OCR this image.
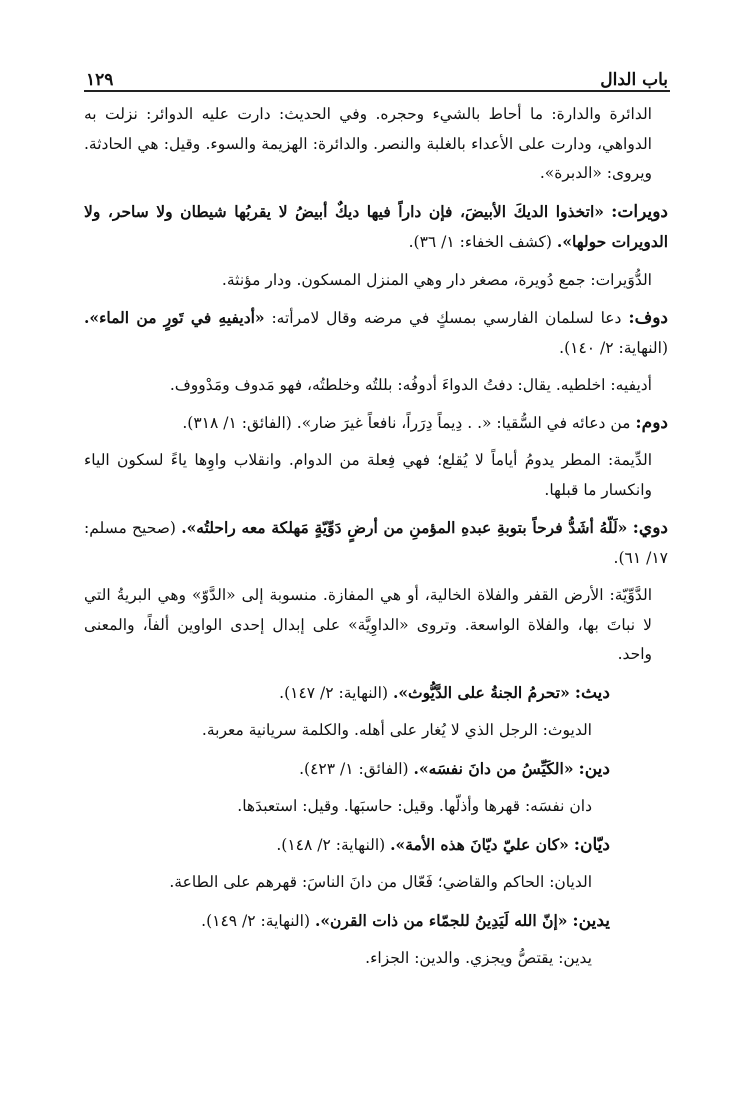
باب الدال
١٢٩

الدائرة والدارة: ما أحاط بالشيء وحجره. وفي الحديث: دارت عليه الدوائر: نزلت به الدواهي، ودارت على الأعداء بالغلبة والنصر. والدائرة: الهزيمة والسوء. وقيل: هي الحادثة. ويروى: «الدبرة».

دويرات: «اتخذوا الديكَ الأبيضَ، فإن داراً فيها ديكٌ أبيضُ لا يقربُها شيطان ولا ساحر، ولا الدويرات حولها». (كشف الخفاء: ١/ ٣٦).

الدُّوَيرات: جمع دُويرة، مصغر دار وهي المنزل المسكون. ودار مؤنثة.

دوف: دعا لسلمان الفارسي بمسكٍ في مرضه وقال لامرأته: «أديفيهِ في تَورٍ من الماء». (النهاية: ٢/ ١٤٠).

أديفيه: اخلطيه. يقال: دفتُ الدواءَ أدوفُه: بللتُه وخلطتُه، فهو مَدوف ومَدْووف.

دوم: من دعائه في السُّقيا: «. . دِيماً دِرَراً، نافعاً غيرَ ضار». (الفائق: ١/ ٣١٨).

الدِّيمة: المطر يدومُ أياماً لا يُقلع؛ فهي فِعلة من الدوام. وانقلاب واوِها ياءً لسكون الياء وانكسار ما قبلها.

دوي: «لَلّهُ أشَدُّ فرحاً بتوبةِ عبدهِ المؤمنِ من أرضٍ دَوِّيّةٍ مَهلكة معه راحلتُه». (صحيح مسلم: ١٧/ ٦١).

الدَّوِّيّة: الأرض القفر والفلاة الخالية، أو هي المفازة. منسوبة إلى «الدَّوّ» وهي البريةُ التي لا نباتَ بها، والفلاة الواسعة. وتروى «الداوِيَّة» على إبدال إحدى الواوين ألفاً، والمعنى واحد.

ديث: «تحرمُ الجنةُ على الدَّيُّوث». (النهاية: ٢/ ١٤٧).

الديوث: الرجل الذي لا يُغار على أهله. والكلمة سريانية معربة.

دين: «الكَيِّسُ من دانَ نفسَه». (الفائق: ١/ ٤٢٣).

دان نفسَه: قهرها وأذلّها. وقيل: حاسبَها. وقيل: استعبدَها.

ديّان: «كان عليّ ديّانَ هذه الأمة». (النهاية: ٢/ ١٤٨).

الديان: الحاكم والقاضي؛ فَعّال من دانَ الناسَ: قهرهم على الطاعة.

يدين: «إنّ الله لَيَدِينُ للجمّاء من ذات القرن». (النهاية: ٢/ ١٤٩).

يدين: يقتصُّ ويجزي. والدين: الجزاء.
